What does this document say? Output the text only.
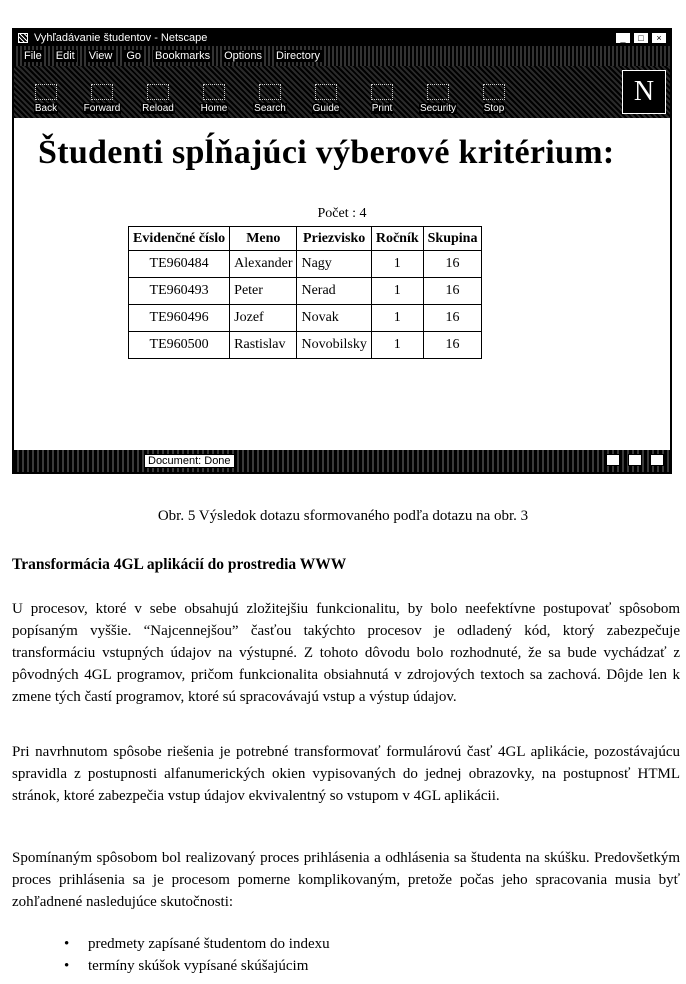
Vyhľadávanie študentov - Netscape	_	□	×
File Edit View Go Bookmarks Options Directory
Back	Forward Reload	Home	Search	Guide	Print	Security	Stop
N
Študenti spĺňajúci výberové kritérium:
Počet : 4
Evidenčné číslo	Meno	Priezvisko	Ročník	Skupina
TE960484	Alexander	Nagy	1	16
TE960493	Peter	Nerad	1	16
TE960496	Jozef	Novak	1	16
TE960500	Rastislav	Novobilsky	1	16
Document: Done
Obr. 5 Výsledok dotazu sformovaného podľa dotazu na obr. 3
Transformácia 4GL aplikácií do prostredia WWW

U procesov, ktoré v sebe obsahujú zložitejšiu funkcionalitu, by bolo neefektívne postupovať spôsobom popísaným vyššie. “Najcennejšou” časťou takýchto procesov je odladený kód, ktorý zabezpečuje transformáciu vstupných údajov na výstupné. Z tohoto dôvodu bolo rozhodnuté, že sa bude vychádzať z pôvodných 4GL programov, pričom funkcionalita obsiahnutá v zdrojových textoch sa zachová. Dôjde len k zmene tých častí programov, ktoré sú spracovávajú vstup a výstup údajov.

Pri navrhnutom spôsobe riešenia je potrebné transformovať formulárovú časť 4GL aplikácie, pozostávajúcu spravidla z postupnosti alfanumerických okien vypisovaných do jednej obrazovky, na postupnosť HTML stránok, ktoré zabezpečia vstup údajov ekvivalentný so vstupom v 4GL aplikácii.

Spomínaným spôsobom bol realizovaný proces prihlásenia a odhlásenia sa študenta na skúšku. Predovšetkým proces prihlásenia sa je procesom pomerne komplikovaným, pretože počas jeho spracovania musia byť zohľadnené nasledujúce skutočnosti:

• predmety zapísané študentom do indexu
• termíny skúšok vypísané skúšajúcim
